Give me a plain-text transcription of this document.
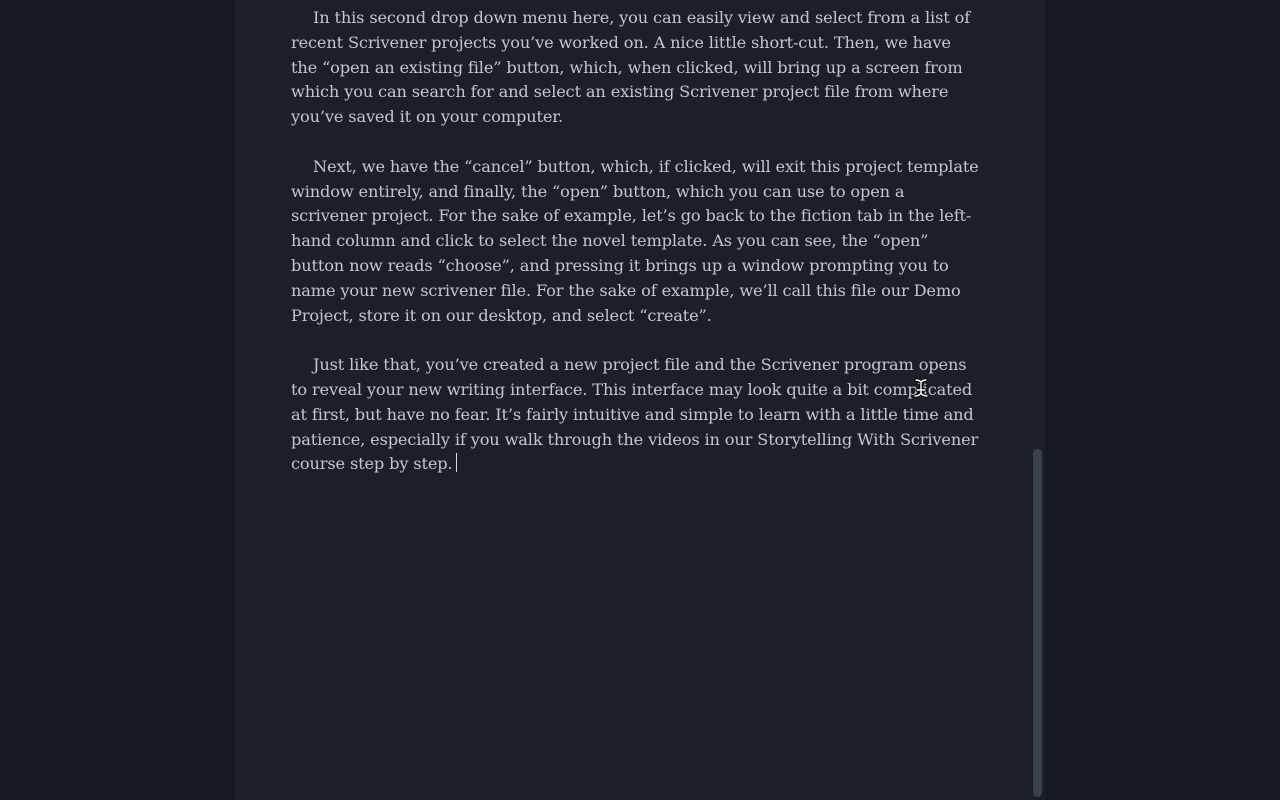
In this second drop down menu here, you can easily view and select from a list of recent Scrivener projects you’ve worked on. A nice little short-cut. Then, we have the “open an existing file” button, which, when clicked, will bring up a screen from which you can search for and select an existing Scrivener project file from where you’ve saved it on your computer.

Next, we have the “cancel” button, which, if clicked, will exit this project template window entirely, and finally, the “open” button, which you can use to open a scrivener project. For the sake of example, let’s go back to the fiction tab in the left-hand column and click to select the novel template. As you can see, the “open” button now reads “choose”, and pressing it brings up a window prompting you to name your new scrivener file. For the sake of example, we’ll call this file our Demo Project, store it on our desktop, and select “create”.

Just like that, you’ve created a new project file and the Scrivener program opens to reveal your new writing interface. This interface may look quite a bit complicated at first, but have no fear. It’s fairly intuitive and simple to learn with a little time and patience, especially if you walk through the videos in our Storytelling With Scrivener course step by step.
